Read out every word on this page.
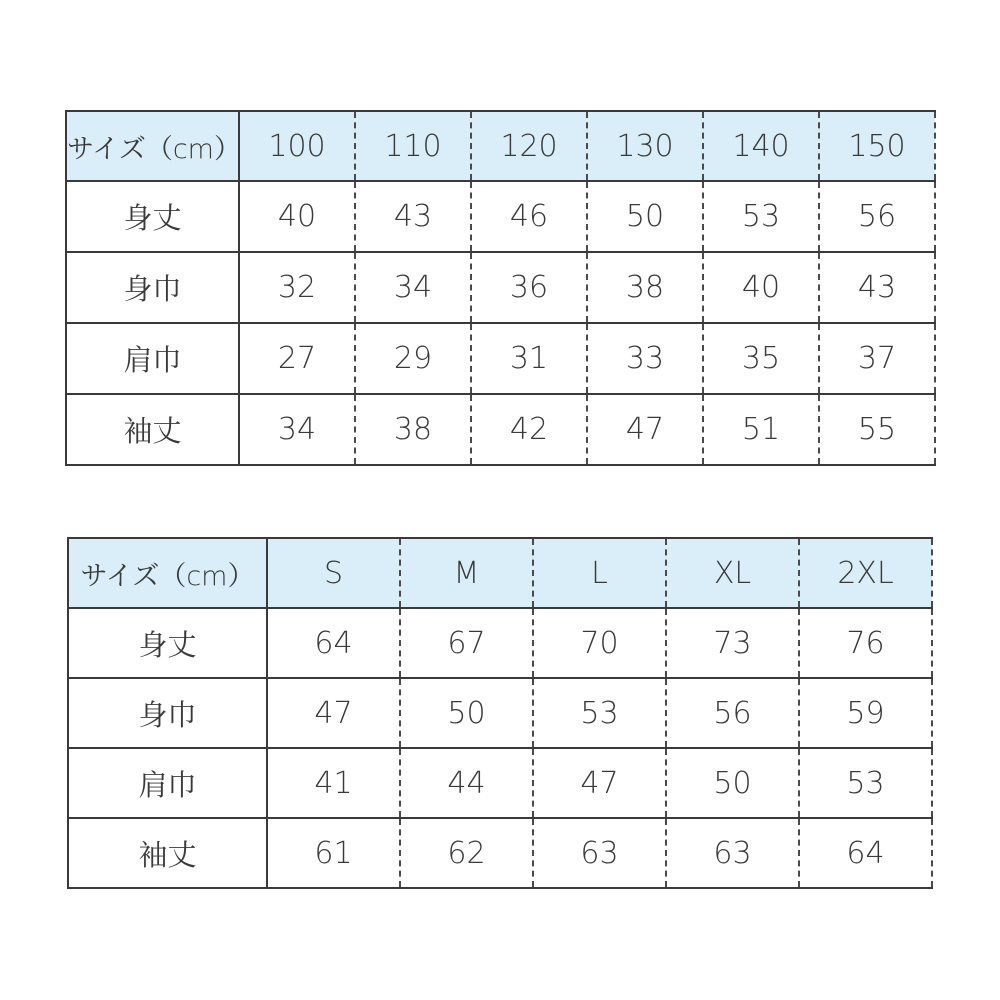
サイズ（cm）	100	110	120	130	140	150
身丈	40	43	46	50	53	56
身巾	32	34	36	38	40	43
肩巾	27	29	31	33	35	37
袖丈	34	38	42	47	51	55
サイズ（cm）	S	M	L	XL	2XL
身丈	64	67	70	73	76
身巾	47	50	53	56	59
肩巾	41	44	47	50	53
袖丈	61	62	63	63	64
